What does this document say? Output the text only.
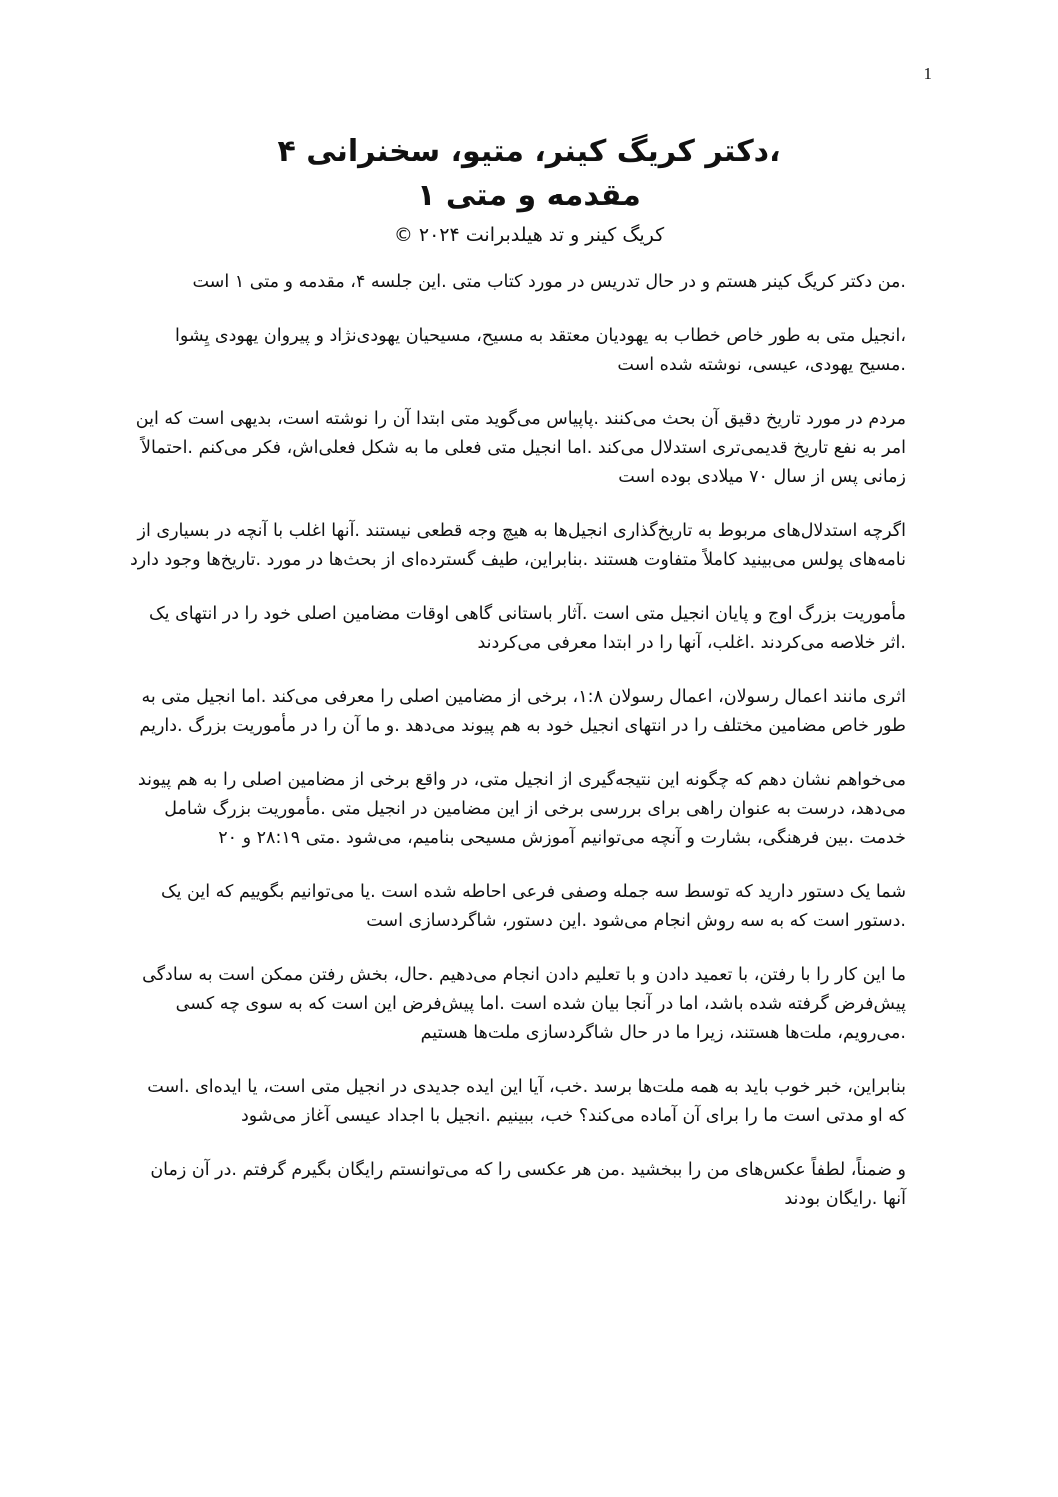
1

،دکتر کریگ کینر، متیو، سخنرانی ۴

مقدمه و متی ۱

کریگ کینر و تد هیلدبرانت ۲۰۲۴ ©

.من دکتر کریگ کینر هستم و در حال تدریس در مورد کتاب متی .این جلسه ۴، مقدمه و متی ۱ است

،انجیل متی به طور خاص خطاب به یهودیان معتقد به مسیح، مسیحیان یهودی‌نژاد و پیروان یهودی یِشوا .مسیح یهودی، عیسی، نوشته شده است

مردم در مورد تاریخ دقیق آن بحث می‌کنند .پاپیاس می‌گوید متی ابتدا آن را نوشته است، بدیهی است که این امر به نفع تاریخ قدیمی‌تری استدلال می‌کند .اما انجیل متی فعلی ما به شکل فعلی‌اش، فکر می‌کنم .احتمالاً زمانی پس از سال ۷۰ میلادی بوده است

اگرچه استدلال‌های مربوط به تاریخ‌گذاری انجیل‌ها به هیچ وجه قطعی نیستند .آنها اغلب با آنچه در بسیاری از نامه‌های پولس می‌بینید کاملاً متفاوت هستند .بنابراین، طیف گسترده‌ای از بحث‌ها در مورد .تاریخ‌ها وجود دارد

مأموریت بزرگ اوج و پایان انجیل متی است .آثار باستانی گاهی اوقات مضامین اصلی خود را در انتهای یک .اثر خلاصه می‌کردند .اغلب، آنها را در ابتدا معرفی می‌کردند

اثری مانند اعمال رسولان، اعمال رسولان ۱:۸، برخی از مضامین اصلی را معرفی می‌کند .اما انجیل متی به طور خاص مضامین مختلف را در انتهای انجیل خود به هم پیوند می‌دهد .و ما آن را در مأموریت بزرگ .داریم

می‌خواهم نشان دهم که چگونه این نتیجه‌گیری از انجیل متی، در واقع برخی از مضامین اصلی را به هم پیوند می‌دهد، درست به عنوان راهی برای بررسی برخی از این مضامین در انجیل متی .مأموریت بزرگ شامل خدمت .بین فرهنگی، بشارت و آنچه می‌توانیم آموزش مسیحی بنامیم، می‌شود .متی ۲۸:۱۹ و ۲۰

شما یک دستور دارید که توسط سه جمله وصفی فرعی احاطه شده است .یا می‌توانیم بگوییم که این یک .دستور است که به سه روش انجام می‌شود .این دستور، شاگردسازی است

ما این کار را با رفتن، با تعمید دادن و با تعلیم دادن انجام می‌دهیم .حال، بخش رفتن ممکن است به سادگی پیش‌فرض گرفته شده باشد، اما در آنجا بیان شده است .اما پیش‌فرض این است که به سوی چه کسی .می‌رویم، ملت‌ها هستند، زیرا ما در حال شاگردسازی ملت‌ها هستیم

بنابراین، خبر خوب باید به همه ملت‌ها برسد .خب، آیا این ایده جدیدی در انجیل متی است، یا ایده‌ای .است که او مدتی است ما را برای آن آماده می‌کند؟ خب، ببینیم .انجیل با اجداد عیسی آغاز می‌شود

و ضمناً، لطفاً عکس‌های من را ببخشید .من هر عکسی را که می‌توانستم رایگان بگیرم گرفتم .در آن زمان آنها .رایگان بودند
